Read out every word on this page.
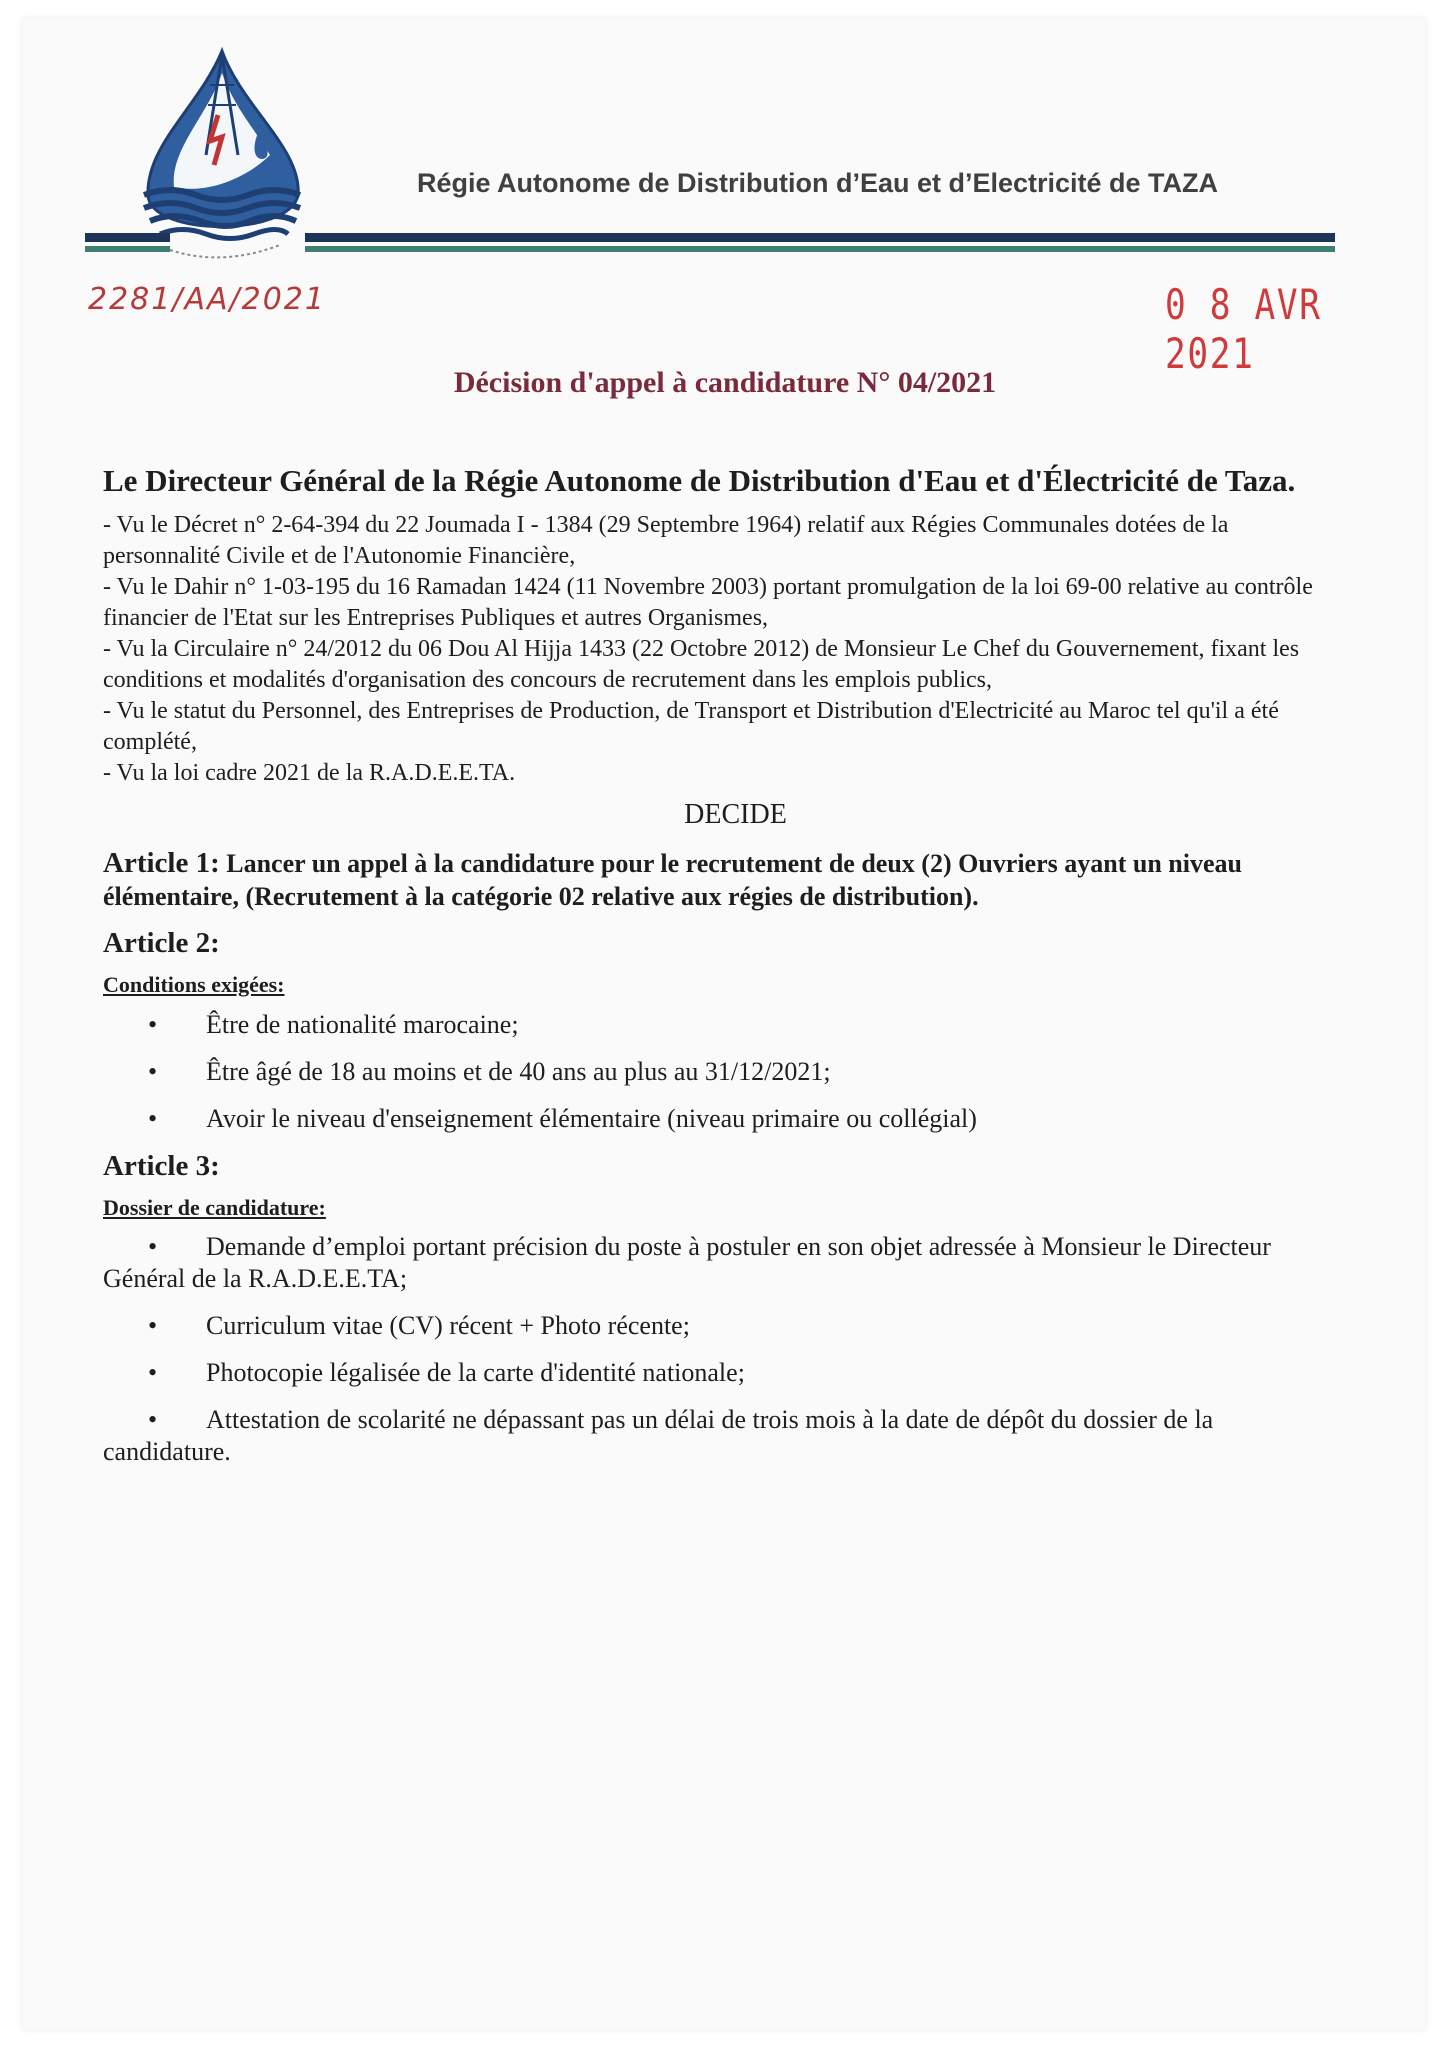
Régie Autonome de Distribution d’Eau et d’Electricité de TAZA
2281/AA/2021	0 8 AVR 2021
Décision d'appel à candidature N° 04/2021

Le Directeur Général de la Régie Autonome de Distribution d'Eau et d'Électricité de Taza.

- Vu le Décret n° 2-64-394 du 22 Joumada I - 1384 (29 Septembre 1964) relatif aux Régies Communales dotées de la personnalité Civile et de l'Autonomie Financière,

- Vu le Dahir n° 1-03-195 du 16 Ramadan 1424 (11 Novembre 2003) portant promulgation de la loi 69-00 relative au contrôle financier de l'Etat sur les Entreprises Publiques et autres Organismes,

- Vu la Circulaire n° 24/2012 du 06 Dou Al Hijja 1433 (22 Octobre 2012) de Monsieur Le Chef du Gouvernement, fixant les conditions et modalités d'organisation des concours de recrutement dans les emplois publics,

- Vu le statut du Personnel, des Entreprises de Production, de Transport et Distribution d'Electricité au Maroc tel qu'il a été complété,

- Vu la loi cadre 2021 de la R.A.D.E.E.TA.

DECIDE

Article 1: Lancer un appel à la candidature pour le recrutement de deux (2) Ouvriers ayant un niveau élémentaire, (Recrutement à la catégorie 02 relative aux régies de distribution).

Article 2:
Conditions exigées:
• Être de nationalité marocaine;
• Être âgé de 18 au moins et de 40 ans au plus au 31/12/2021;
• Avoir le niveau d'enseignement élémentaire (niveau primaire ou collégial)
Article 3:
Dossier de candidature:
• Demande d’emploi portant précision du poste à postuler en son objet adressée à Monsieur le Directeur Général de la R.A.D.E.E.TA;
• Curriculum vitae (CV) récent + Photo récente;
• Photocopie légalisée de la carte d'identité nationale;
• Attestation de scolarité ne dépassant pas un délai de trois mois à la date de dépôt du dossier de la candidature.
